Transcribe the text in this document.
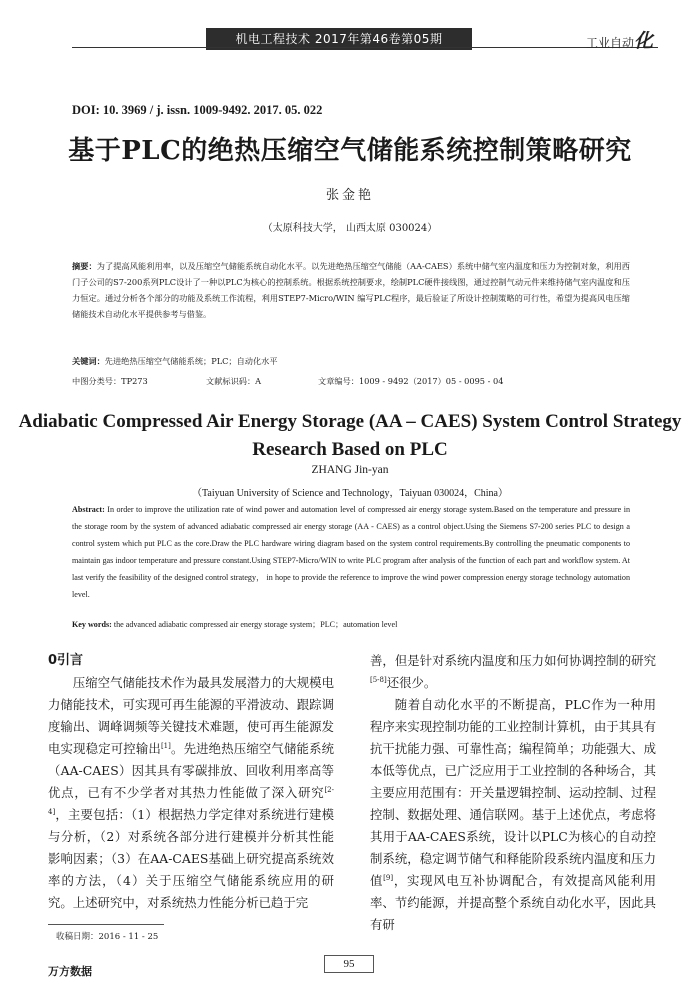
机电工程技术 2017年第46卷第05期	工业自动化
DOI: 10. 3969 / j. issn. 1009-9492. 2017. 05. 022
基于PLC的绝热压缩空气储能系统控制策略研究
张金艳
（太原科技大学， 山西太原 030024）
摘要：为了提高风能利用率，以及压缩空气储能系统自动化水平。以先进绝热压缩空气储能（AA-CAES）系统中储气室内温度和压力为控制对象，利用西门子公司的S7-200系列PLC设计了一种以PLC为核心的控制系统。根据系统控制要求，绘制PLC硬件接线图，通过控制气动元件来维持储气室内温度和压力恒定。通过分析各个部分的功能及系统工作流程，利用STEP7-Micro/WIN 编写PLC程序，最后验证了所设计控制策略的可行性，希望为提高风电压缩储能技术自动化水平提供参考与借鉴。
关键词：先进绝热压缩空气储能系统；PLC；自动化水平
中图分类号：TP273	文献标识码：A	文章编号：1009 - 9492（2017）05 - 0095 - 04
Adiabatic Compressed Air Energy Storage (AA – CAES) System Control Strategy Research Based on PLC
ZHANG Jin-yan
（Taiyuan University of Science and Technology，Taiyuan 030024，China）
Abstract: In order to improve the utilization rate of wind power and automation level of compressed air energy storage system.Based on the temperature and pressure in the storage room by the system of advanced adiabatic compressed air energy storage (AA - CAES) as a control object.Using the Siemens S7-200 series PLC to design a control system which put PLC as the core.Draw the PLC hardware wiring diagram based on the system control requirements.By controlling the pneumatic components to maintain gas indoor temperature and pressure constant.Using STEP7-Micro/WIN to write PLC program after analysis of the function of each part and workflow system. At last verify the feasibility of the designed control strategy， in hope to provide the reference to improve the wind power compression energy storage technology automation level.
Key words: the advanced adiabatic compressed air energy storage system；PLC；automation level
0引言

压缩空气储能技术作为最具发展潜力的大规模电力储能技术，可实现可再生能源的平滑波动、跟踪调度输出、调峰调频等关键技术难题，使可再生能源发电实现稳定可控输出[1]。先进绝热压缩空气储能系统（AA-CAES）因其具有零碳排放、回收利用率高等优点，已有不少学者对其热力性能做了深入研究[2-4]，主要包括：（1）根据热力学定律对系统进行建模与分析，（2）对系统各部分进行建模并分析其性能影响因素；（3）在AA-CAES基础上研究提高系统效率的方法，（4）关于压缩空气储能系统应用的研究。上述研究中，对系统热力性能分析已趋于完

善，但是针对系统内温度和压力如何协调控制的研究[5-8]还很少。

随着自动化水平的不断提高，PLC作为一种用程序来实现控制功能的工业控制计算机，由于其具有抗干扰能力强、可靠性高；编程简单；功能强大、成本低等优点，已广泛应用于工业控制的各种场合，其主要应用范围有：开关量逻辑控制、运动控制、过程控制、数据处理、通信联网。基于上述优点，考虑将其用于AA-CAES系统，设计以PLC为核心的自动控制系统，稳定调节储气和释能阶段系统内温度和压力值[9]，实现风电互补协调配合，有效提高风能利用率、节约能源，并提高整个系统自动化水平，因此具有研

收稿日期：2016 - 11 - 25
95
万方数据
